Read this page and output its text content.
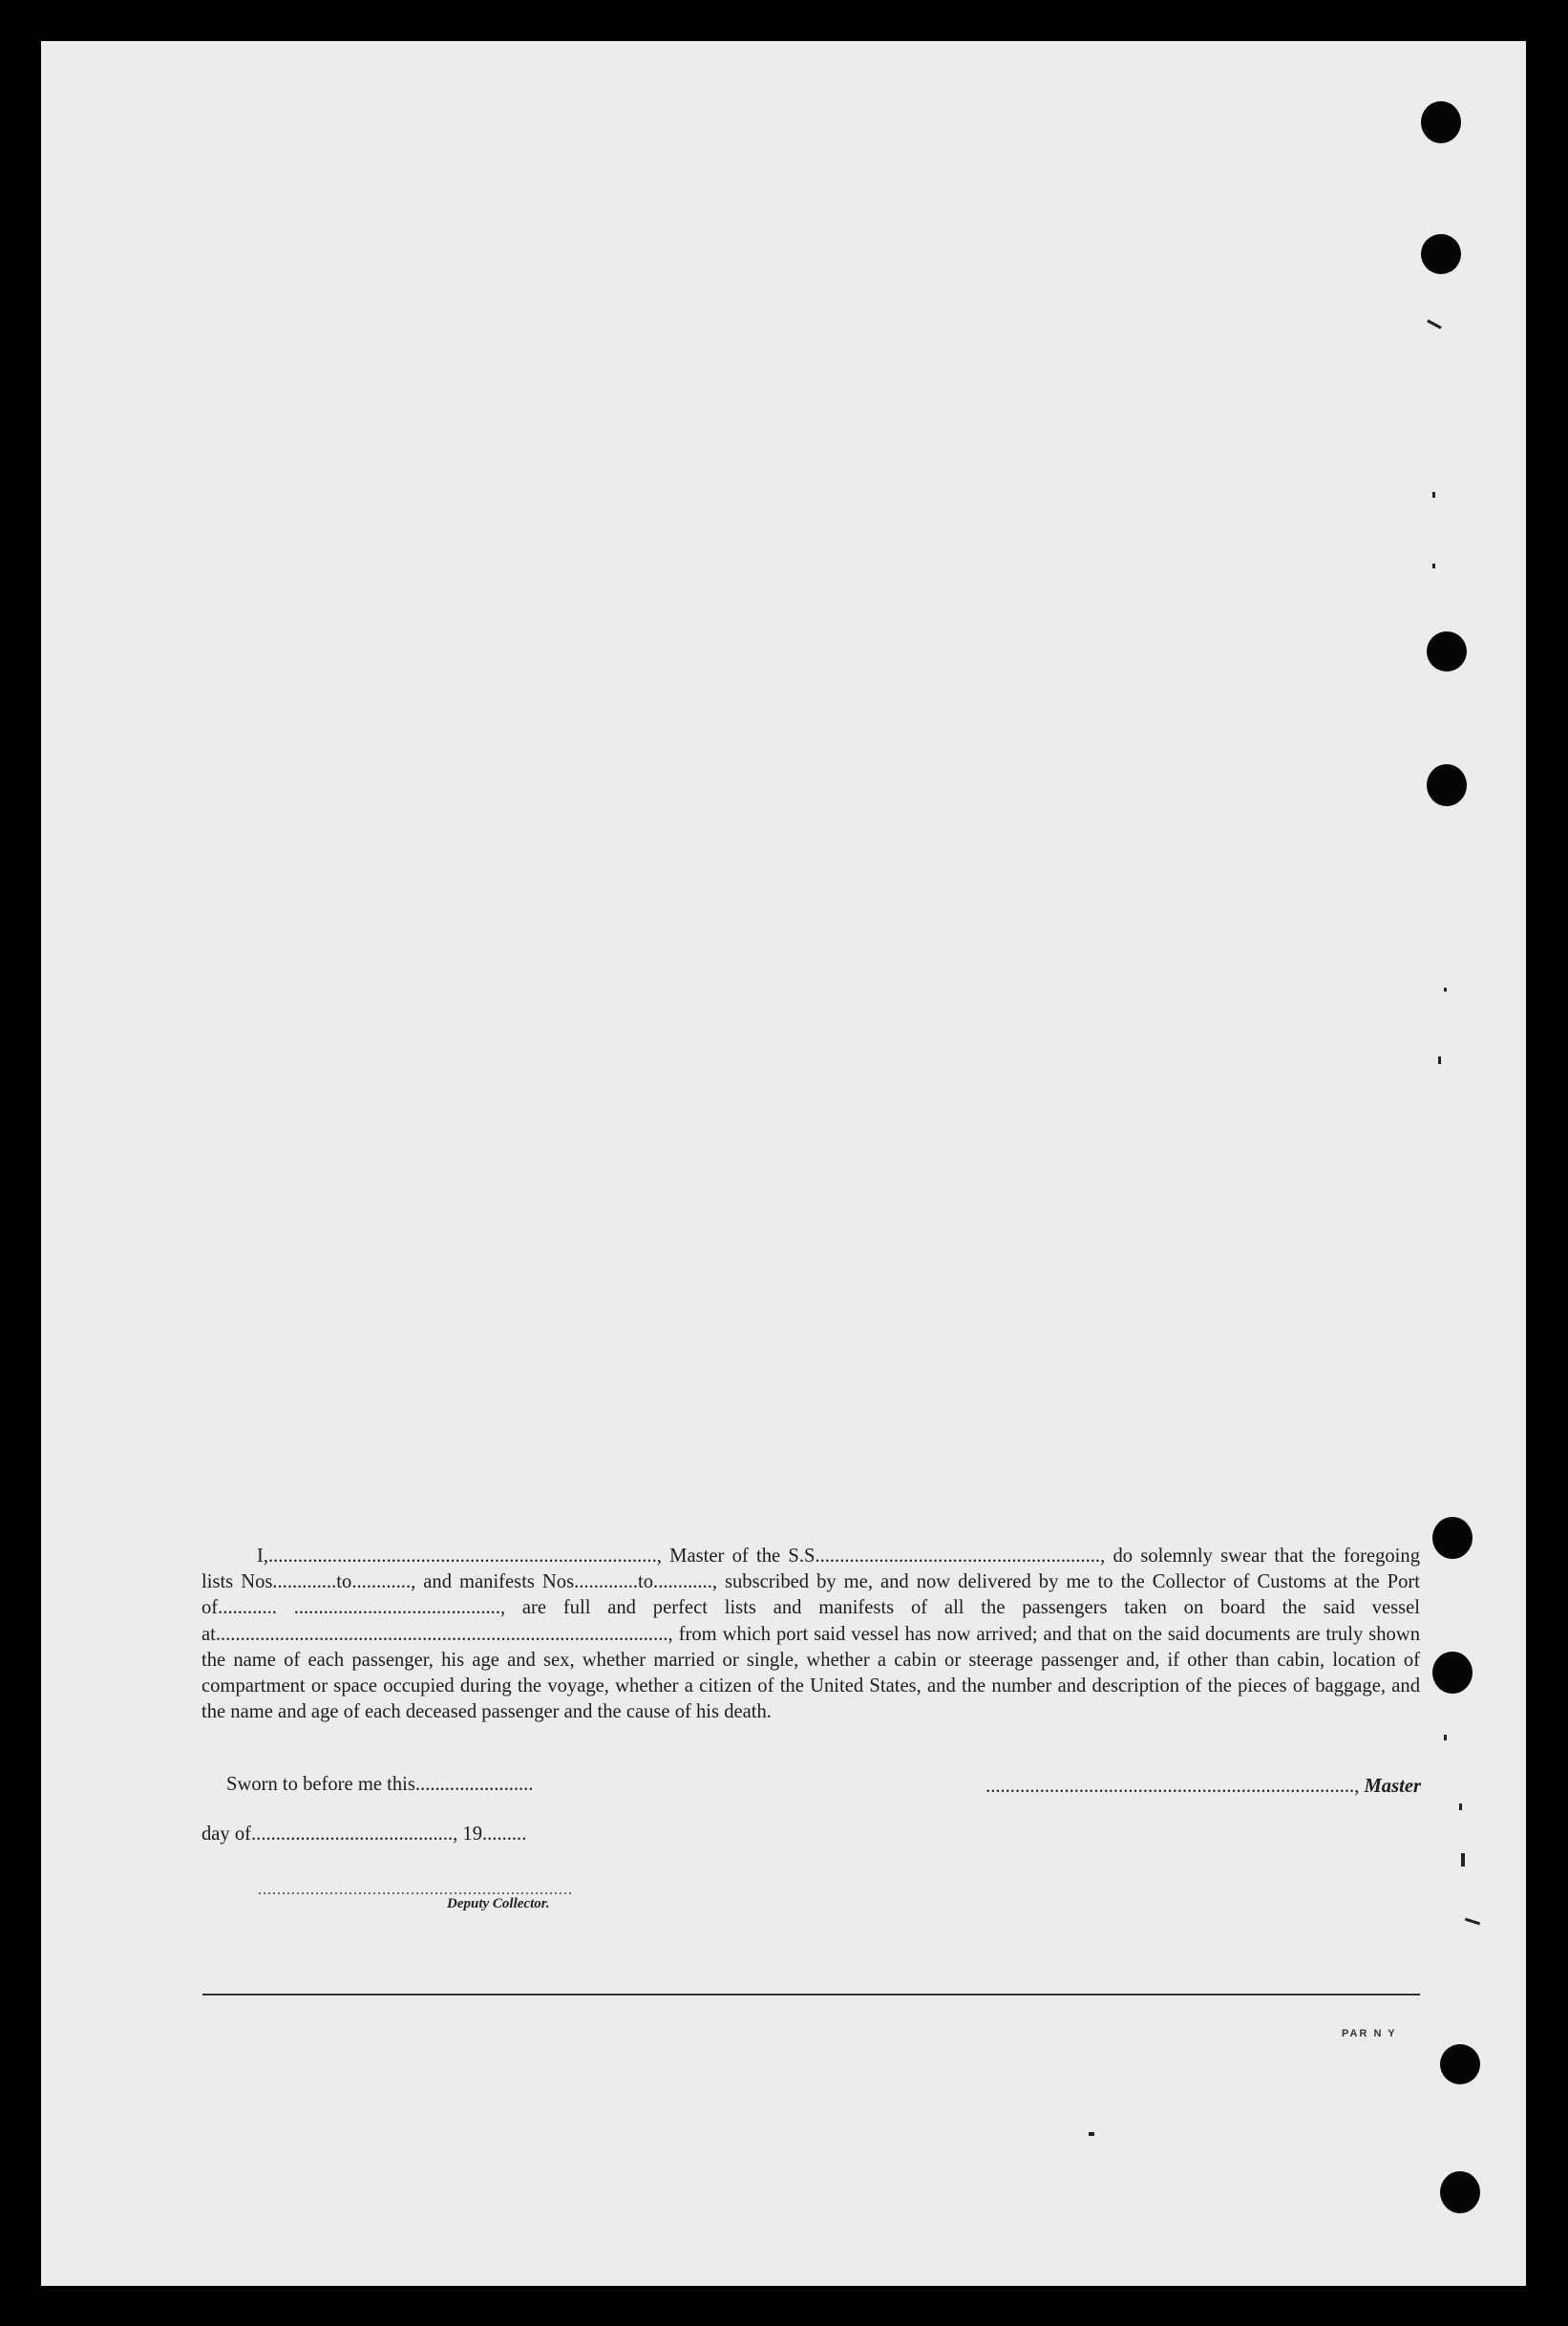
I,..............................................................................., Master of the S.S.........................................................., do solemnly swear that the foregoing lists Nos.............to............, and manifests Nos.............to............, subscribed by me, and now delivered by me to the Collector of Customs at the Port of............ .........................................., are full and perfect lists and manifests of all the passengers taken on board the said vessel at............................................................................................, from which port said vessel has now arrived; and that on the said documents are truly shown the name of each passenger, his age and sex, whether married or single, whether a cabin or steerage passenger and, if other than cabin, location of compartment or space occupied during the voyage, whether a citizen of the United States, and the number and description of the pieces of baggage, and the name and age of each deceased passenger and the cause of his death.

Sworn to before me this........................
day of........................................., 19.........
..........................................................................., Master
..................................................................
Deputy Collector.
PAR N Y
